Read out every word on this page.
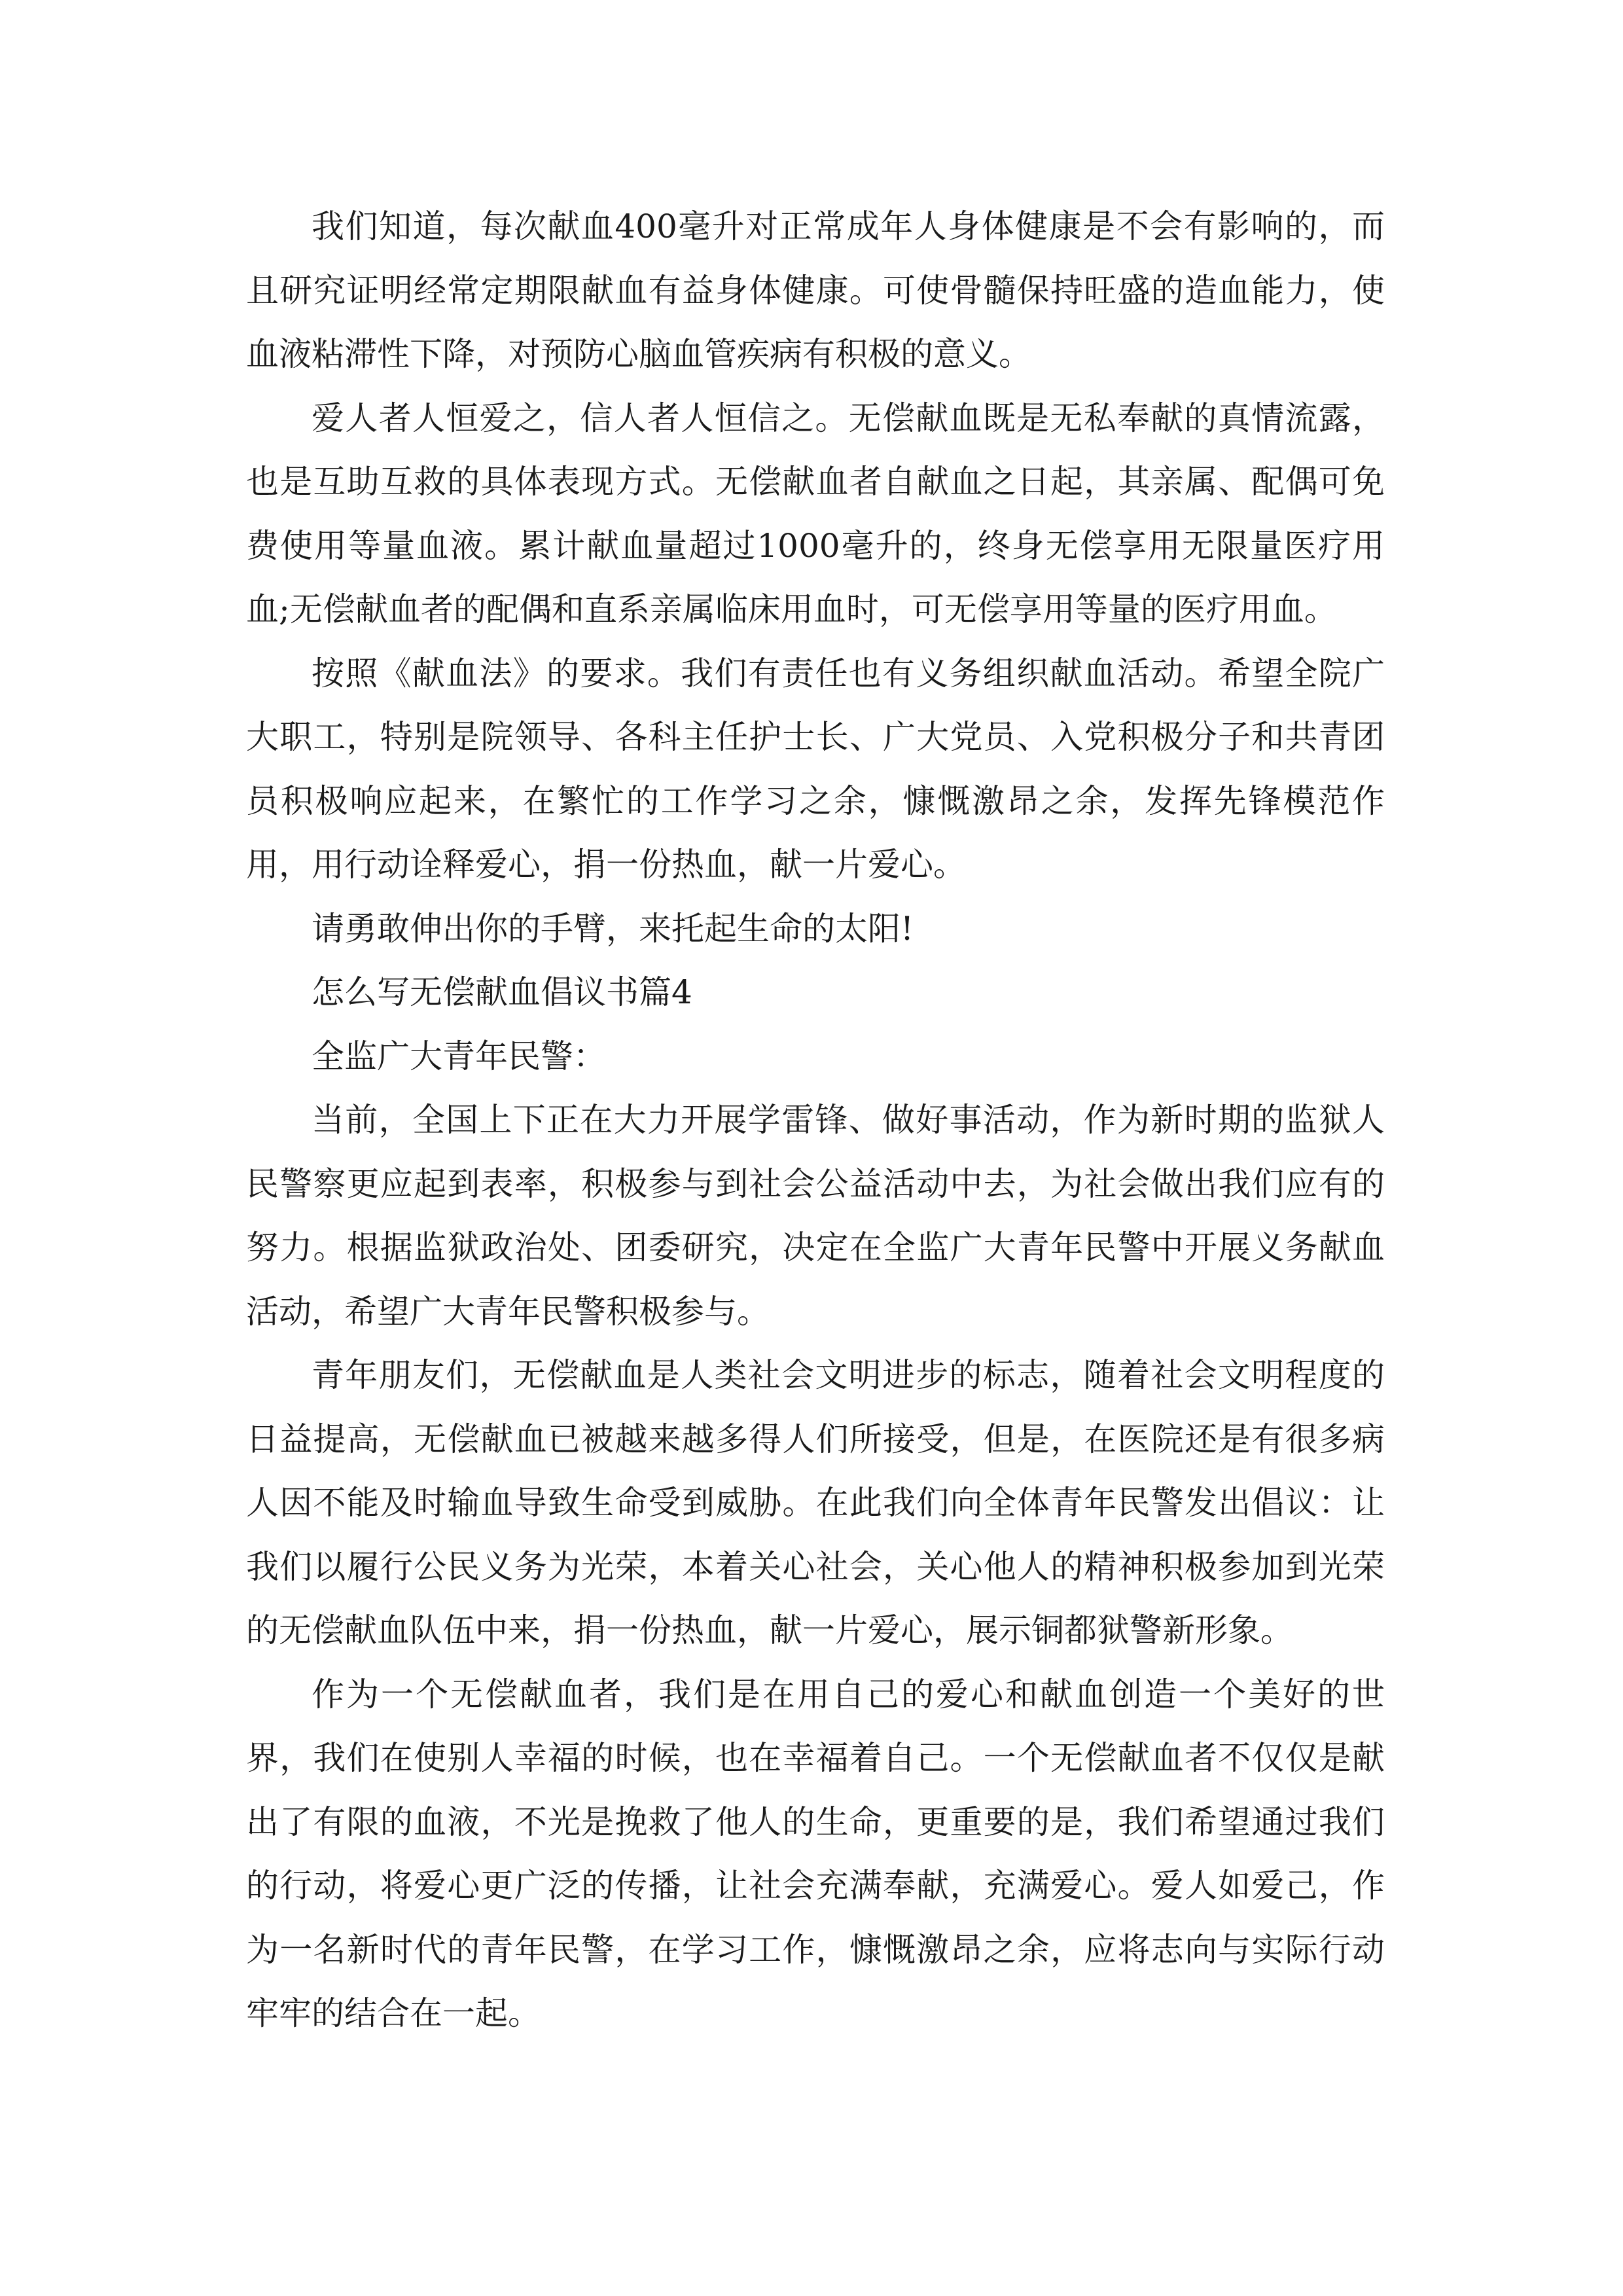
我们知道，每次献血400毫升对正常成年人身体健康是不会有影响的，而且研究证明经常定期限献血有益身体健康。可使骨髓保持旺盛的造血能力，使血液粘滞性下降，对预防心脑血管疾病有积极的意义。

爱人者人恒爱之，信人者人恒信之。无偿献血既是无私奉献的真情流露，也是互助互救的具体表现方式。无偿献血者自献血之日起，其亲属、配偶可免费使用等量血液。累计献血量超过1000毫升的，终身无偿享用无限量医疗用血;无偿献血者的配偶和直系亲属临床用血时，可无偿享用等量的医疗用血。

按照《献血法》的要求。我们有责任也有义务组织献血活动。希望全院广大职工，特别是院领导、各科主任护士长、广大党员、入党积极分子和共青团员积极响应起来，在繁忙的工作学习之余，慷慨激昂之余，发挥先锋模范作用，用行动诠释爱心，捐一份热血，献一片爱心。

请勇敢伸出你的手臂，来托起生命的太阳!

怎么写无偿献血倡议书篇4

全监广大青年民警：

当前，全国上下正在大力开展学雷锋、做好事活动，作为新时期的监狱人民警察更应起到表率，积极参与到社会公益活动中去，为社会做出我们应有的努力。根据监狱政治处、团委研究，决定在全监广大青年民警中开展义务献血活动，希望广大青年民警积极参与。

青年朋友们，无偿献血是人类社会文明进步的标志，随着社会文明程度的日益提高，无偿献血已被越来越多得人们所接受，但是，在医院还是有很多病人因不能及时输血导致生命受到威胁。在此我们向全体青年民警发出倡议：让我们以履行公民义务为光荣，本着关心社会，关心他人的精神积极参加到光荣的无偿献血队伍中来，捐一份热血，献一片爱心，展示铜都狱警新形象。

作为一个无偿献血者，我们是在用自己的爱心和献血创造一个美好的世界，我们在使别人幸福的时候，也在幸福着自己。一个无偿献血者不仅仅是献出了有限的血液，不光是挽救了他人的生命，更重要的是，我们希望通过我们的行动，将爱心更广泛的传播，让社会充满奉献，充满爱心。爱人如爱己，作为一名新时代的青年民警，在学习工作，慷慨激昂之余，应将志向与实际行动牢牢的结合在一起。
